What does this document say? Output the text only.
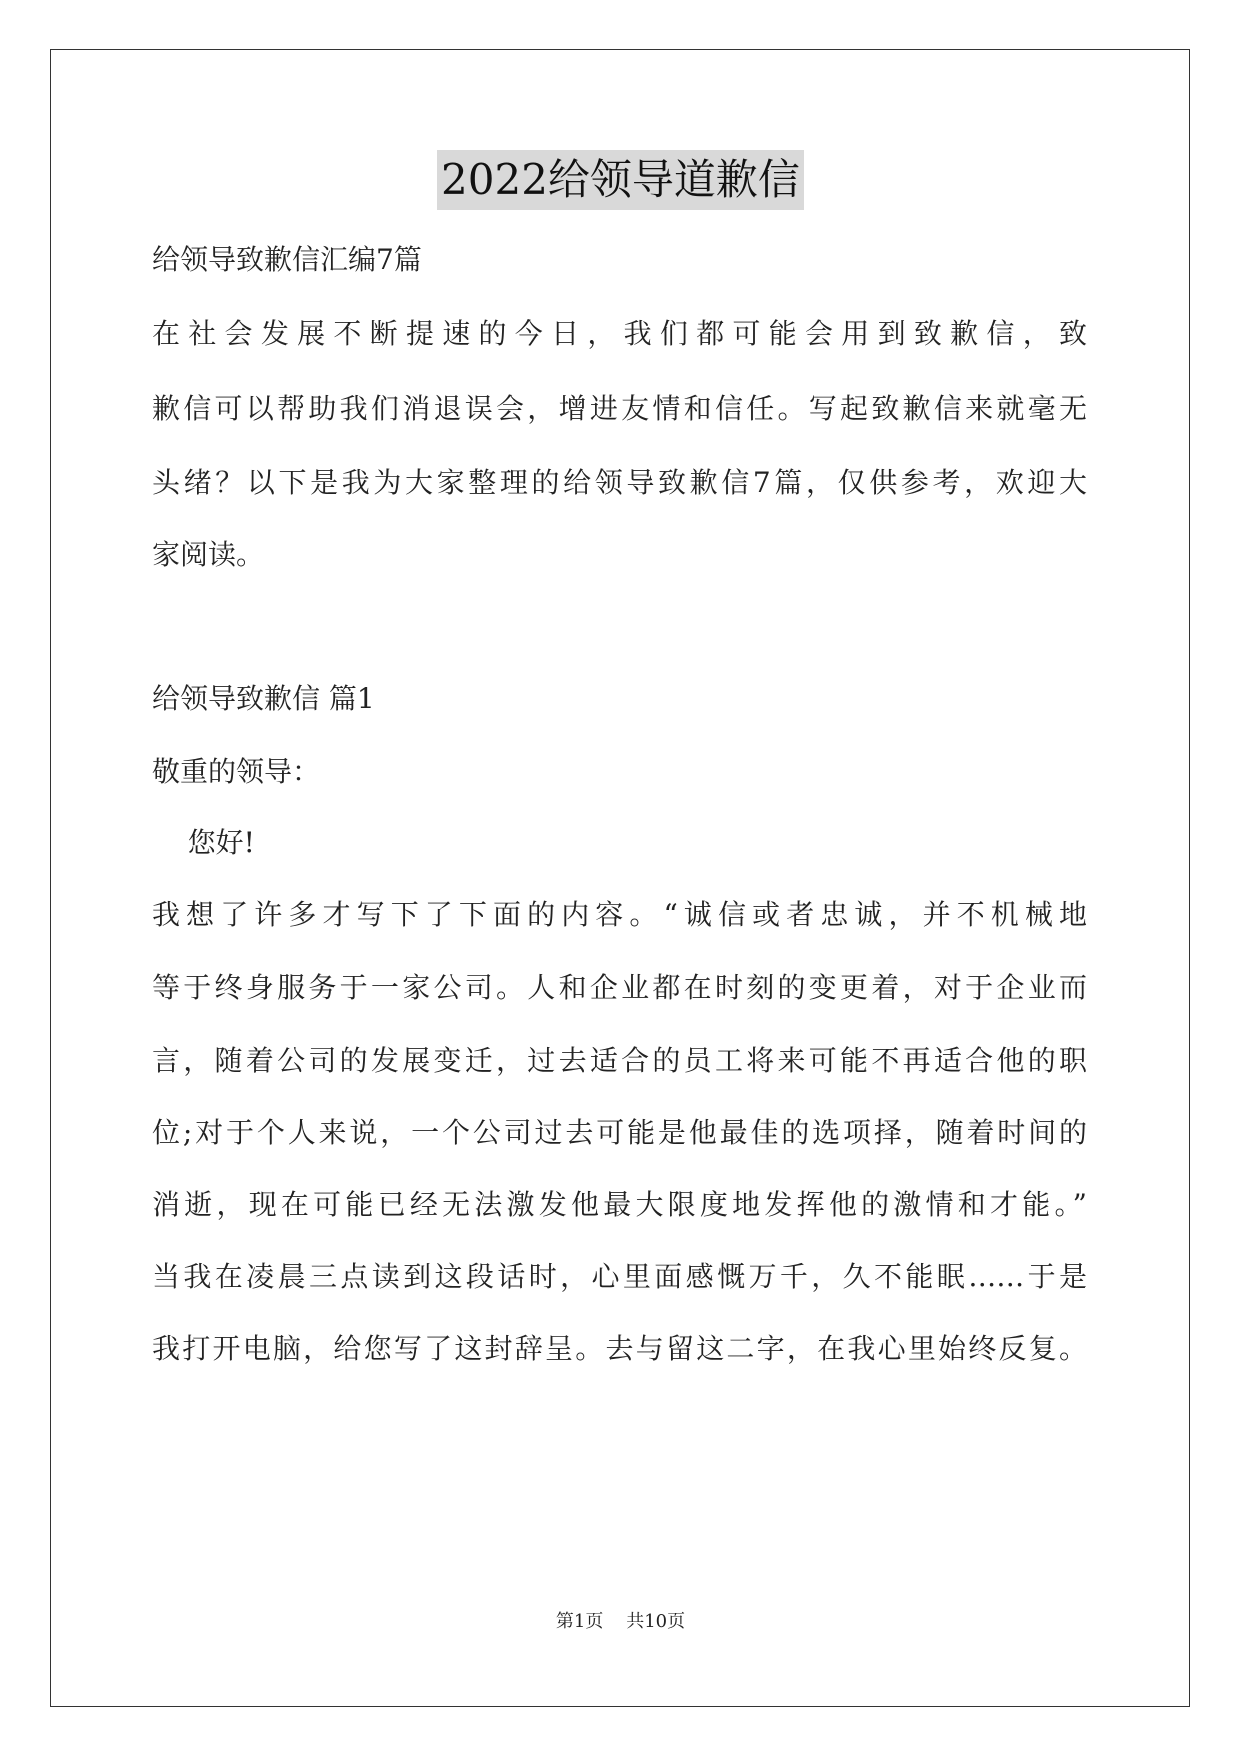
2022给领导道歉信
给领导致歉信汇编7篇
在社会发展不断提速的今日，我们都可能会用到致歉信，致
歉信可以帮助我们消退误会，增进友情和信任。写起致歉信来就毫无
头绪？以下是我为大家整理的给领导致歉信7篇，仅供参考，欢迎大
家阅读。
给领导致歉信 篇1
敬重的领导：
您好!
我想了许多才写下了下面的内容。“诚信或者忠诚，并不机械地
等于终身服务于一家公司。人和企业都在时刻的变更着，对于企业而
言，随着公司的发展变迁，过去适合的员工将来可能不再适合他的职
位;对于个人来说，一个公司过去可能是他最佳的选项择，随着时间的
消逝，现在可能已经无法激发他最大限度地发挥他的激情和才能。”
当我在凌晨三点读到这段话时，心里面感慨万千，久不能眠……于是
我打开电脑，给您写了这封辞呈。去与留这二字，在我心里始终反复。
第1页    共10页
